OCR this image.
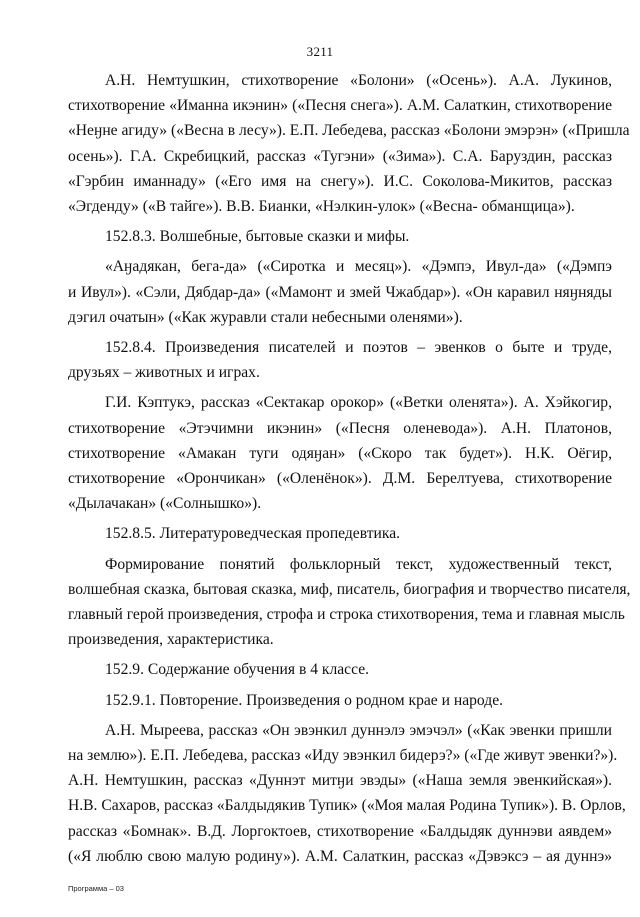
3211

А.Н. Немтушкин, стихотворение «Болони» («Осень»). А.А. Лукинов,
стихотворение «Иманна икэнин» («Песня снега»). А.М. Салаткин, стихотворение
«Неӈне агиду» («Весна в лесу»). Е.П. Лебедева, рассказ «Болони эмэрэн» («Пришла
осень»). Г.А. Скребицкий, рассказ «Тугэни» («Зима»). С.А. Баруздин, рассказ
«Гэрбин иманнаду» («Его имя на снегу»). И.С. Соколова-Микитов, рассказ
«Эгденду» («В тайге»). В.В. Бианки, «Нэлкин-улок» («Весна- обманщица»).

152.8.3. Волшебные, бытовые сказки и мифы.

«Аӈадякан, бега-да» («Сиротка и месяц»). «Дэмпэ, Ивул-да» («Дэмпэ
и Ивул»). «Сэли, Дябдар-да» («Мамонт и змей Чжабдар»). «Он каравил няӈняды
дэгил очатын» («Как журавли стали небесными оленями»).

152.8.4. Произведения писателей и поэтов – эвенков о быте и труде,
друзьях – животных и играх.

Г.И. Кэптукэ, рассказ «Сектакар орокор» («Ветки оленята»). А. Хэйкогир,
стихотворение «Этэчимни икэнин» («Песня оленевода»). А.Н. Платонов,
стихотворение «Амакан туги одяӈан» («Скоро так будет»). Н.К. Оёгир,
стихотворение «Орончикан» («Оленёнок»). Д.М. Берелтуева, стихотворение
«Дылачакан» («Солнышко»).

152.8.5. Литературоведческая пропедевтика.

Формирование понятий фольклорный текст, художественный текст,
волшебная сказка, бытовая сказка, миф, писатель, биография и творчество писателя,
главный герой произведения, строфа и строка стихотворения, тема и главная мысль
произведения, характеристика.

152.9. Содержание обучения в 4 классе.

152.9.1. Повторение. Произведения о родном крае и народе.

А.Н. Мыреева, рассказ «Он эвэнкил дуннэлэ эмэчэл» («Как эвенки пришли
на землю»). Е.П. Лебедева, рассказ «Иду эвэнкил бидерэ?» («Где живут эвенки?»).
А.Н. Немтушкин, рассказ «Дуннэт митӈи эвэды» («Наша земля эвенкийская»).
Н.В. Сахаров, рассказ «Балдыдякив Тупик» («Моя малая Родина Тупик»). В. Орлов,
рассказ «Бомнак». В.Д. Лоргоктоев, стихотворение «Балдыдяк дуннэви аявдем»
(«Я люблю свою малую родину»). А.М. Салаткин, рассказ «Дэвэксэ – ая дуннэ»

Программа – 03
